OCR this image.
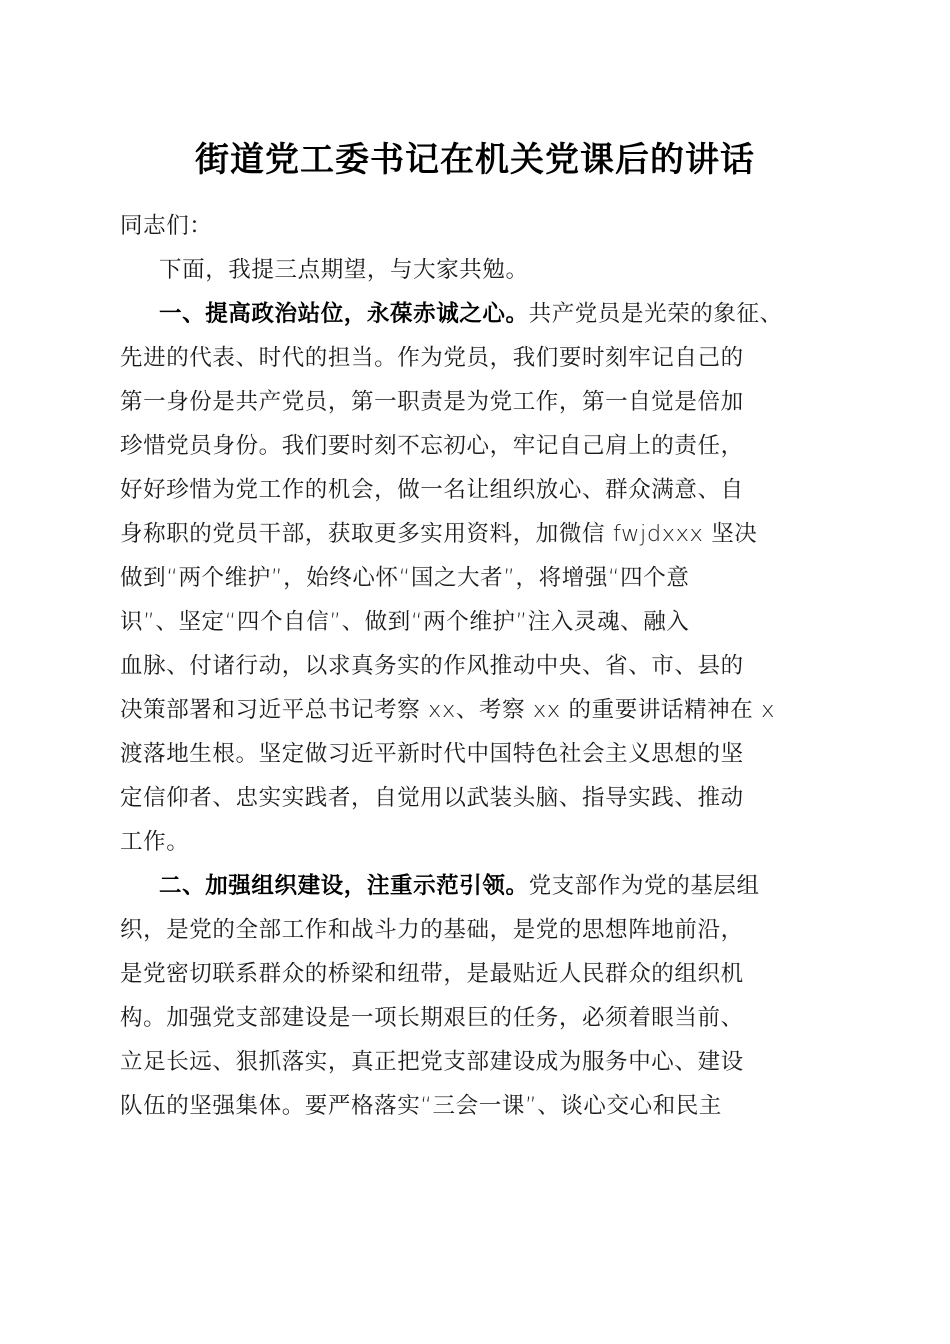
街道党工委书记在机关党课后的讲话
同志们：
下面，我提三点期望，与大家共勉。
一、提高政治站位，永葆赤诚之心。共产党员是光荣的象征、
先进的代表、时代的担当。作为党员，我们要时刻牢记自己的
第一身份是共产党员，第一职责是为党工作，第一自觉是倍加
珍惜党员身份。我们要时刻不忘初心，牢记自己肩上的责任，
好好珍惜为党工作的机会，做一名让组织放心、群众满意、自
身称职的党员干部，获取更多实用资料，加微信 fwjdxxx 坚决
做到“两个维护”，始终心怀“国之大者”，将增强“四个意
识”、坚定“四个自信”、做到“两个维护”注入灵魂、融入
血脉、付诸行动，以求真务实的作风推动中央、省、市、县的
决策部署和习近平总书记考察 xx、考察 xx 的重要讲话精神在 x
渡落地生根。坚定做习近平新时代中国特色社会主义思想的坚
定信仰者、忠实实践者，自觉用以武装头脑、指导实践、推动
工作。
二、加强组织建设，注重示范引领。党支部作为党的基层组
织，是党的全部工作和战斗力的基础，是党的思想阵地前沿，
是党密切联系群众的桥梁和纽带，是最贴近人民群众的组织机
构。加强党支部建设是一项长期艰巨的任务，必须着眼当前、
立足长远、狠抓落实，真正把党支部建设成为服务中心、建设
队伍的坚强集体。要严格落实“三会一课”、谈心交心和民主
